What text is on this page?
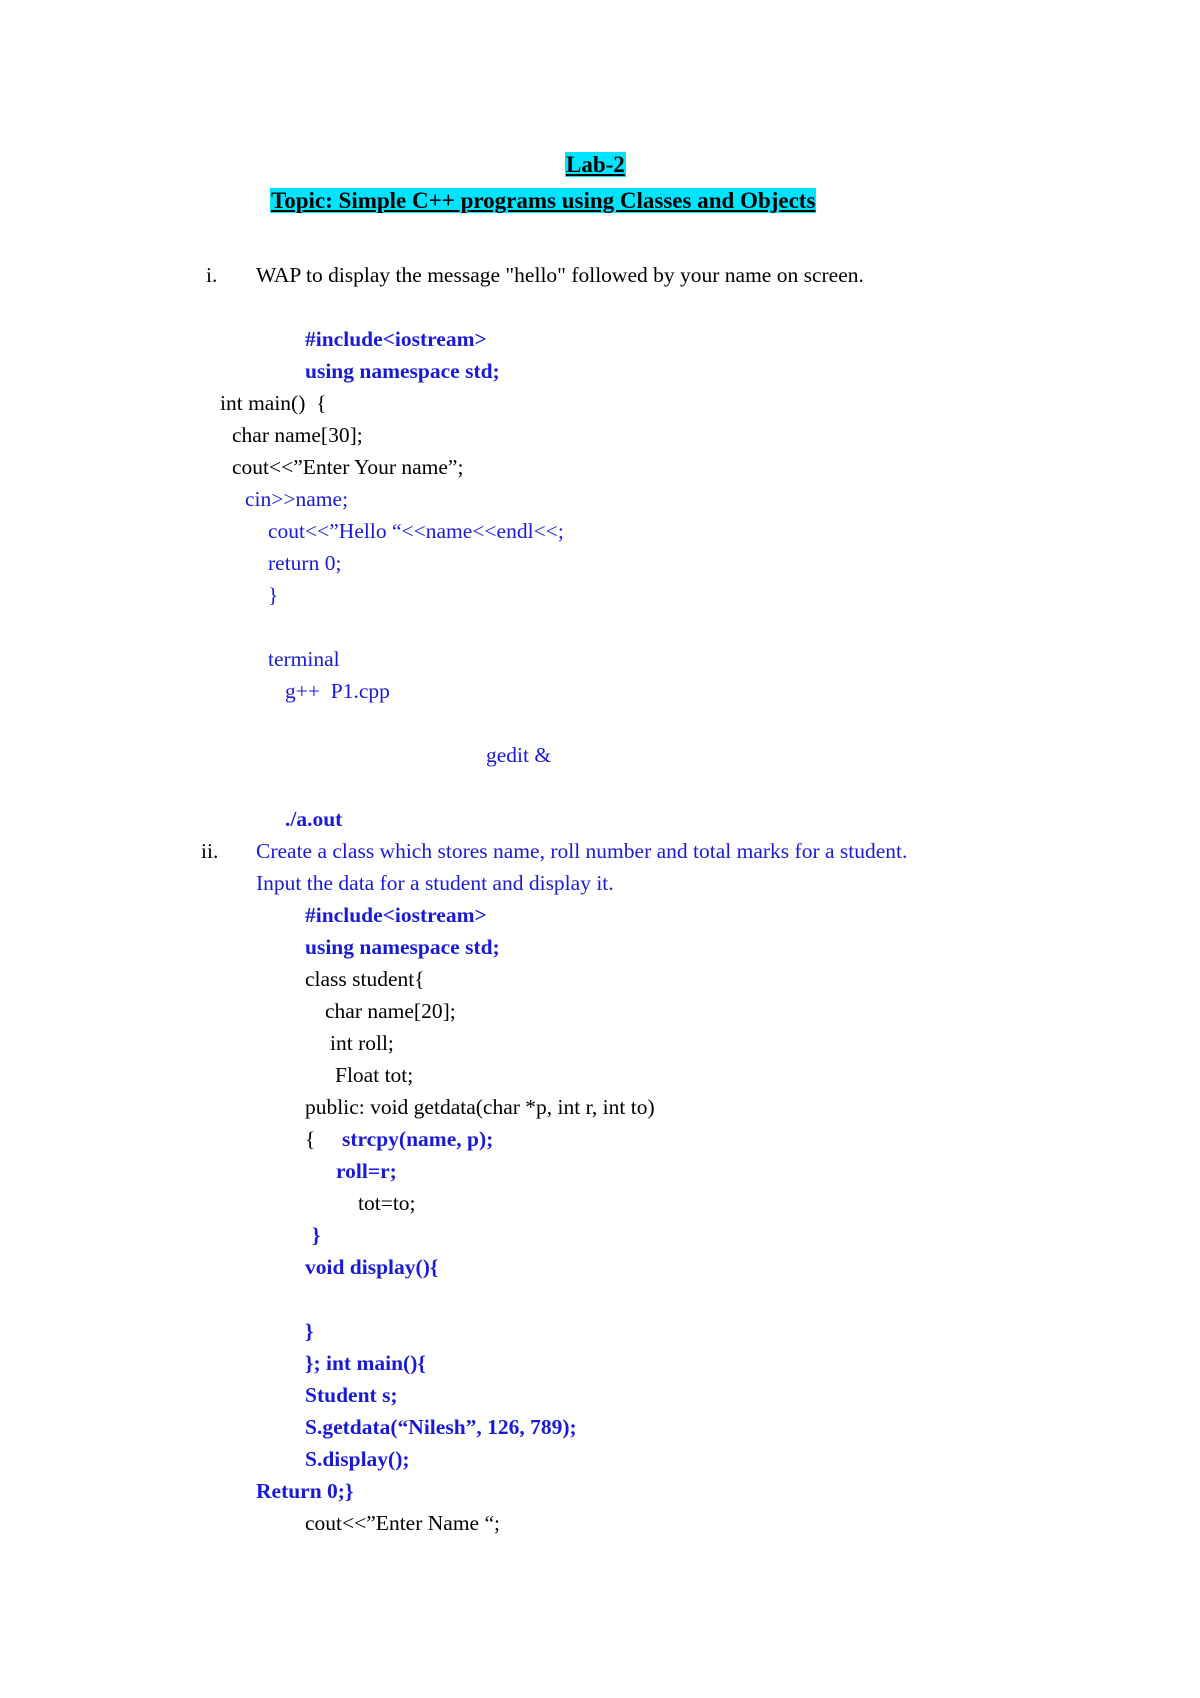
Lab-2
Topic: Simple C++ programs using Classes and Objects
i. WAP to display the message "hello" followed by your name on screen.
#include<iostream>
using namespace std;
int main()  {
char name[30];
cout<<”Enter Your name”;
cin>>name;
cout<<”Hello “<<name<<endl<<;
return 0;
}
terminal
g++  P1.cpp
gedit &
./a.out
ii. Create a class which stores name, roll number and total marks for a student.
Input the data for a student and display it.
#include<iostream>
using namespace std;
class student{
char name[20];
int roll;
Float tot;
public: void getdata(char *p, int r, int to)
{ strcpy(name, p);
roll=r;
tot=to;
}
void display(){
}
}; int main(){
Student s;
S.getdata(“Nilesh”, 126, 789);
S.display();
Return 0;}
cout<<”Enter Name “;
